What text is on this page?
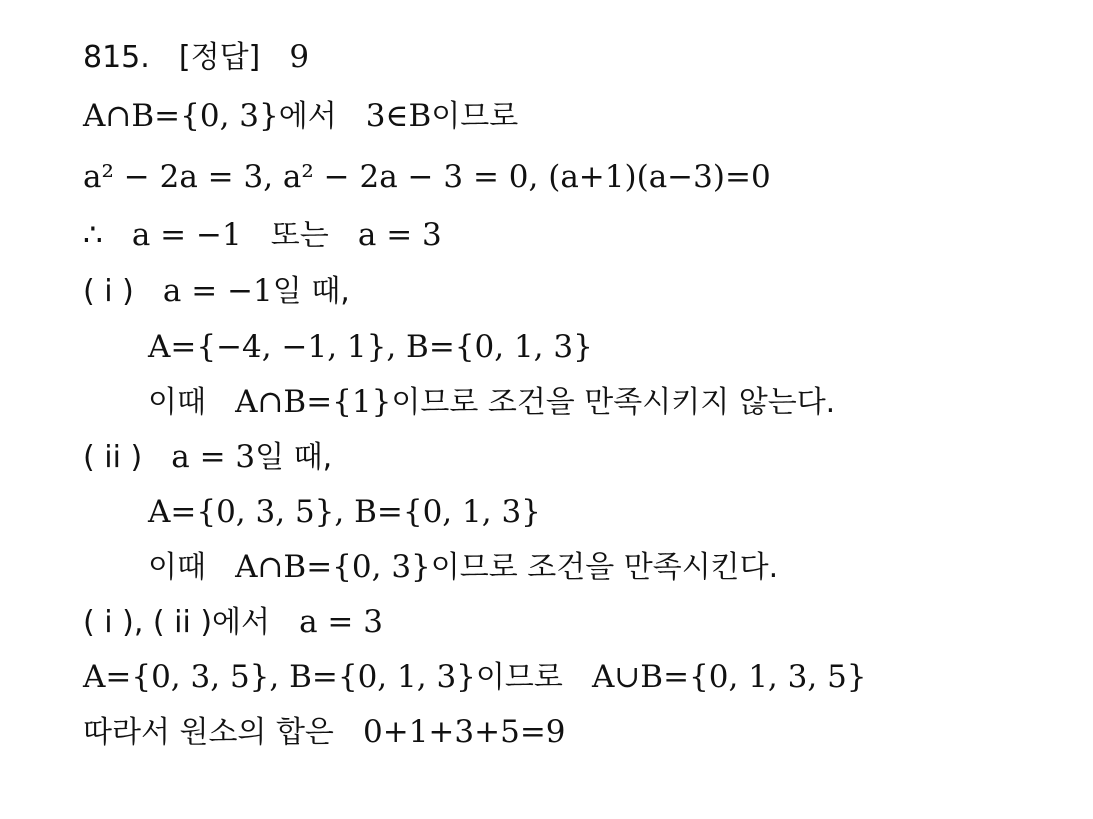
815. [정답] 9
A∩B={0, 3}에서 3∈B이므로
a² − 2a = 3, a² − 2a − 3 = 0, (a+1)(a−3)=0
∴ a = −1 또는 a = 3
( i ) a = −1일 때,
A={−4, −1, 1}, B={0, 1, 3}
이때 A∩B={1}이므로 조건을 만족시키지 않는다.
( ii ) a = 3일 때,
A={0, 3, 5}, B={0, 1, 3}
이때 A∩B={0, 3}이므로 조건을 만족시킨다.
( i ), ( ii )에서 a = 3
A={0, 3, 5}, B={0, 1, 3}이므로 A∪B={0, 1, 3, 5}
따라서 원소의 합은 0+1+3+5=9
